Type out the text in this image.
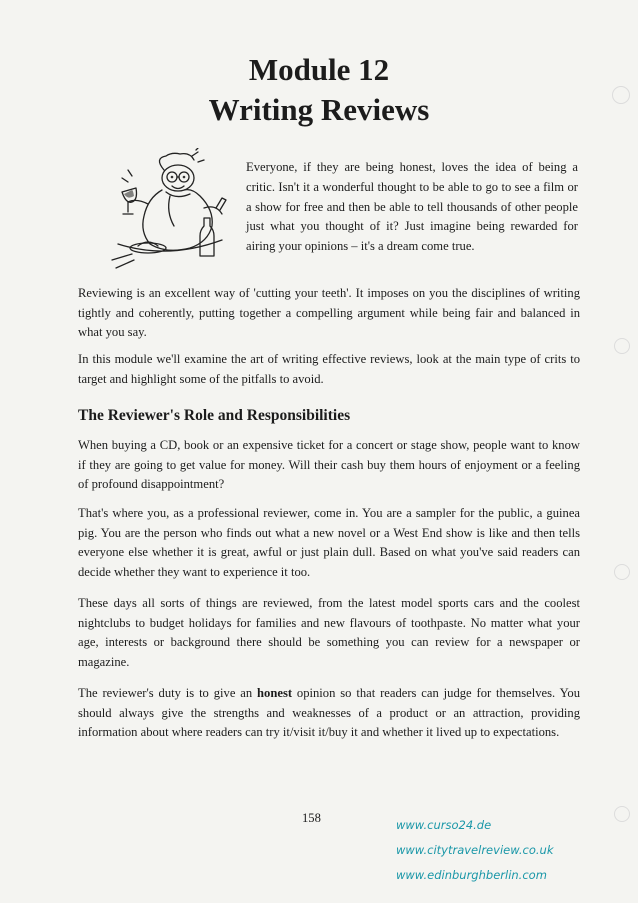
Module 12
Writing Reviews

Everyone, if they are being honest, loves the idea of being a critic. Isn't it a wonderful thought to be able to go to see a film or a show for free and then be able to tell thousands of other people just what you thought of it? Just imagine being rewarded for airing your opinions – it's a dream come true.

Reviewing is an excellent way of 'cutting your teeth'. It imposes on you the disciplines of writing tightly and coherently, putting together a compelling argument while being fair and balanced in what you say.

In this module we'll examine the art of writing effective reviews, look at the main type of crits to target and highlight some of the pitfalls to avoid.

The Reviewer's Role and Responsibilities

When buying a CD, book or an expensive ticket for a concert or stage show, people want to know if they are going to get value for money. Will their cash buy them hours of enjoyment or a feeling of profound disappointment?

That's where you, as a professional reviewer, come in. You are a sampler for the public, a guinea pig. You are the person who finds out what a new novel or a West End show is like and then tells everyone else whether it is great, awful or just plain dull. Based on what you've said readers can decide whether they want to experience it too.

These days all sorts of things are reviewed, from the latest model sports cars and the coolest nightclubs to budget holidays for families and new flavours of toothpaste. No matter what your age, interests or background there should be something you can review for a newspaper or magazine.

The reviewer's duty is to give an honest opinion so that readers can judge for themselves. You should always give the strengths and weaknesses of a product or an attraction, providing information about where readers can try it/visit it/buy it and whether it lived up to expectations.

158	www.curso24.de
www.citytravelreview.co.uk
www.edinburghberlin.com
